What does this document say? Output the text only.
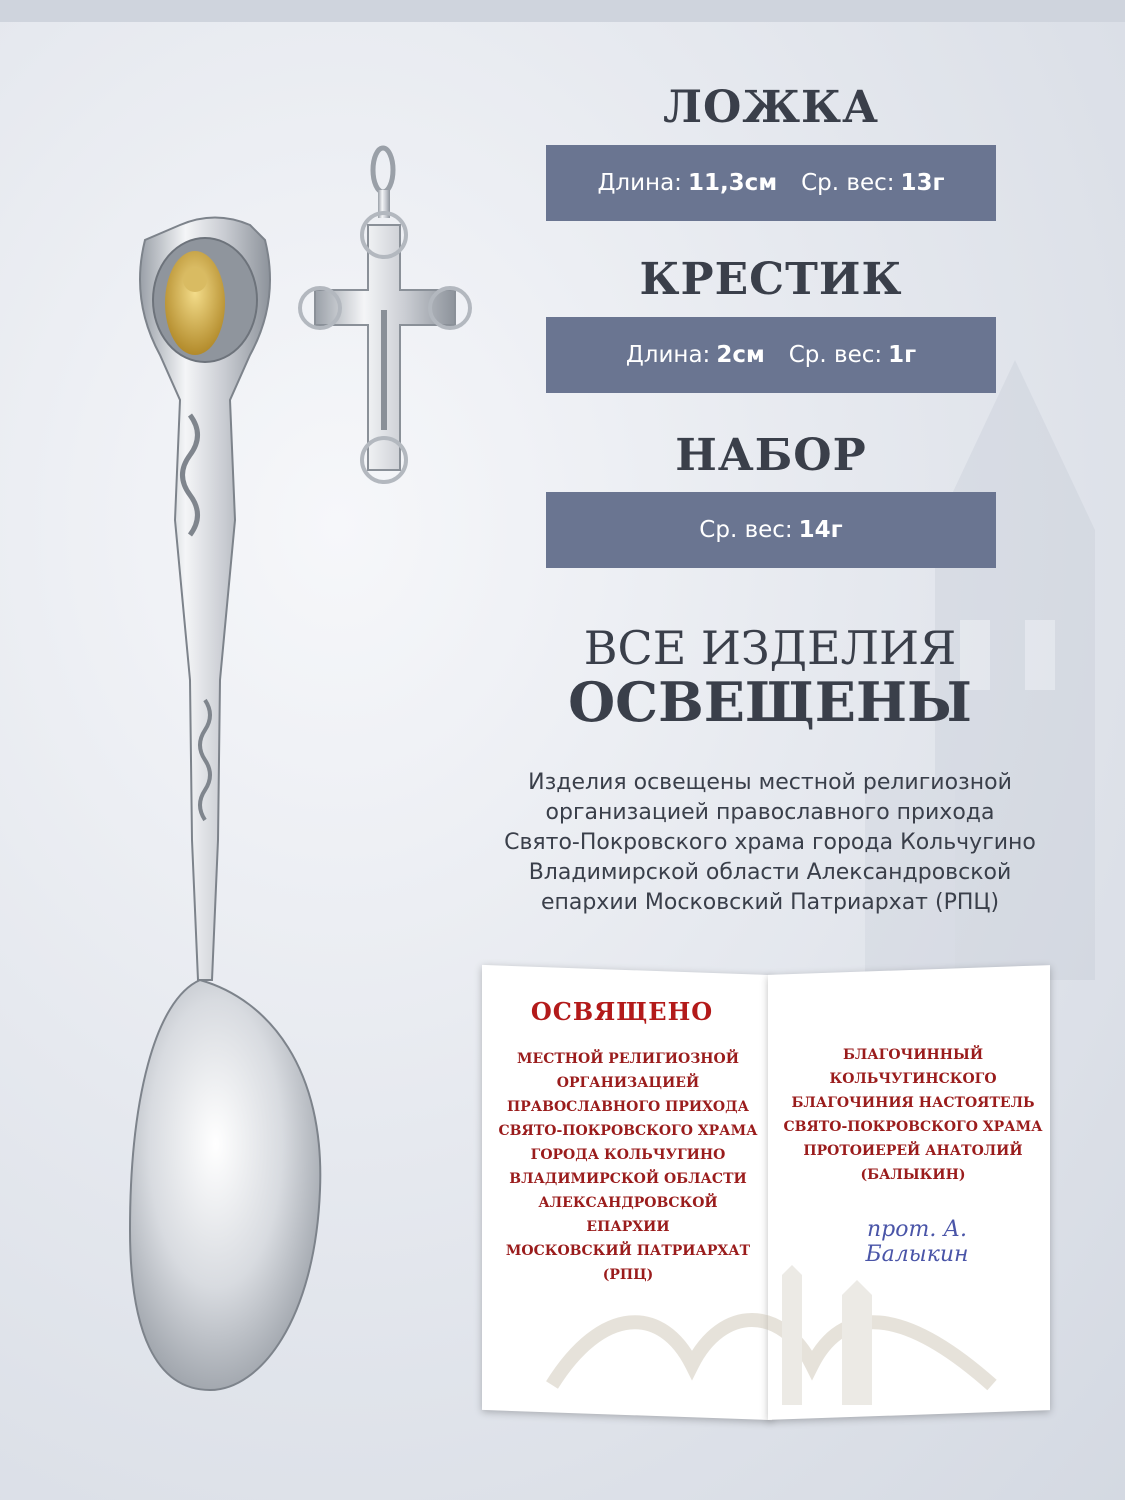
ЛОЖКА
Длина: 11,3см Ср. вес: 13г
КРЕСТИК
Длина: 2см Ср. вес: 1г
НАБОР
Ср. вес: 14г
ВСЕ ИЗДЕЛИЯ
ОСВЕЩЕНЫ
Изделия освещены местной религиозной
организацией православного прихода
Свято-Покровского храма города Кольчугино
Владимирской области Александровской
епархии Московский Патриархат (РПЦ)
ОСВЯЩЕНО
МЕСТНОЙ РЕЛИГИОЗНОЙ
ОРГАНИЗАЦИЕЙ
ПРАВОСЛАВНОГО ПРИХОДА
СВЯТО-ПОКРОВСКОГО ХРАМА
ГОРОДА КОЛЬЧУГИНО
ВЛАДИМИРСКОЙ ОБЛАСТИ
АЛЕКСАНДРОВСКОЙ ЕПАРХИИ
МОСКОВСКИЙ ПАТРИАРХАТ
(РПЦ)
БЛАГОЧИННЫЙ
КОЛЬЧУГИНСКОГО
БЛАГОЧИНИЯ НАСТОЯТЕЛЬ
СВЯТО-ПОКРОВСКОГО ХРАМА
ПРОТОИЕРЕЙ АНАТОЛИЙ
(БАЛЫКИН)
прот. А. Балыкин
